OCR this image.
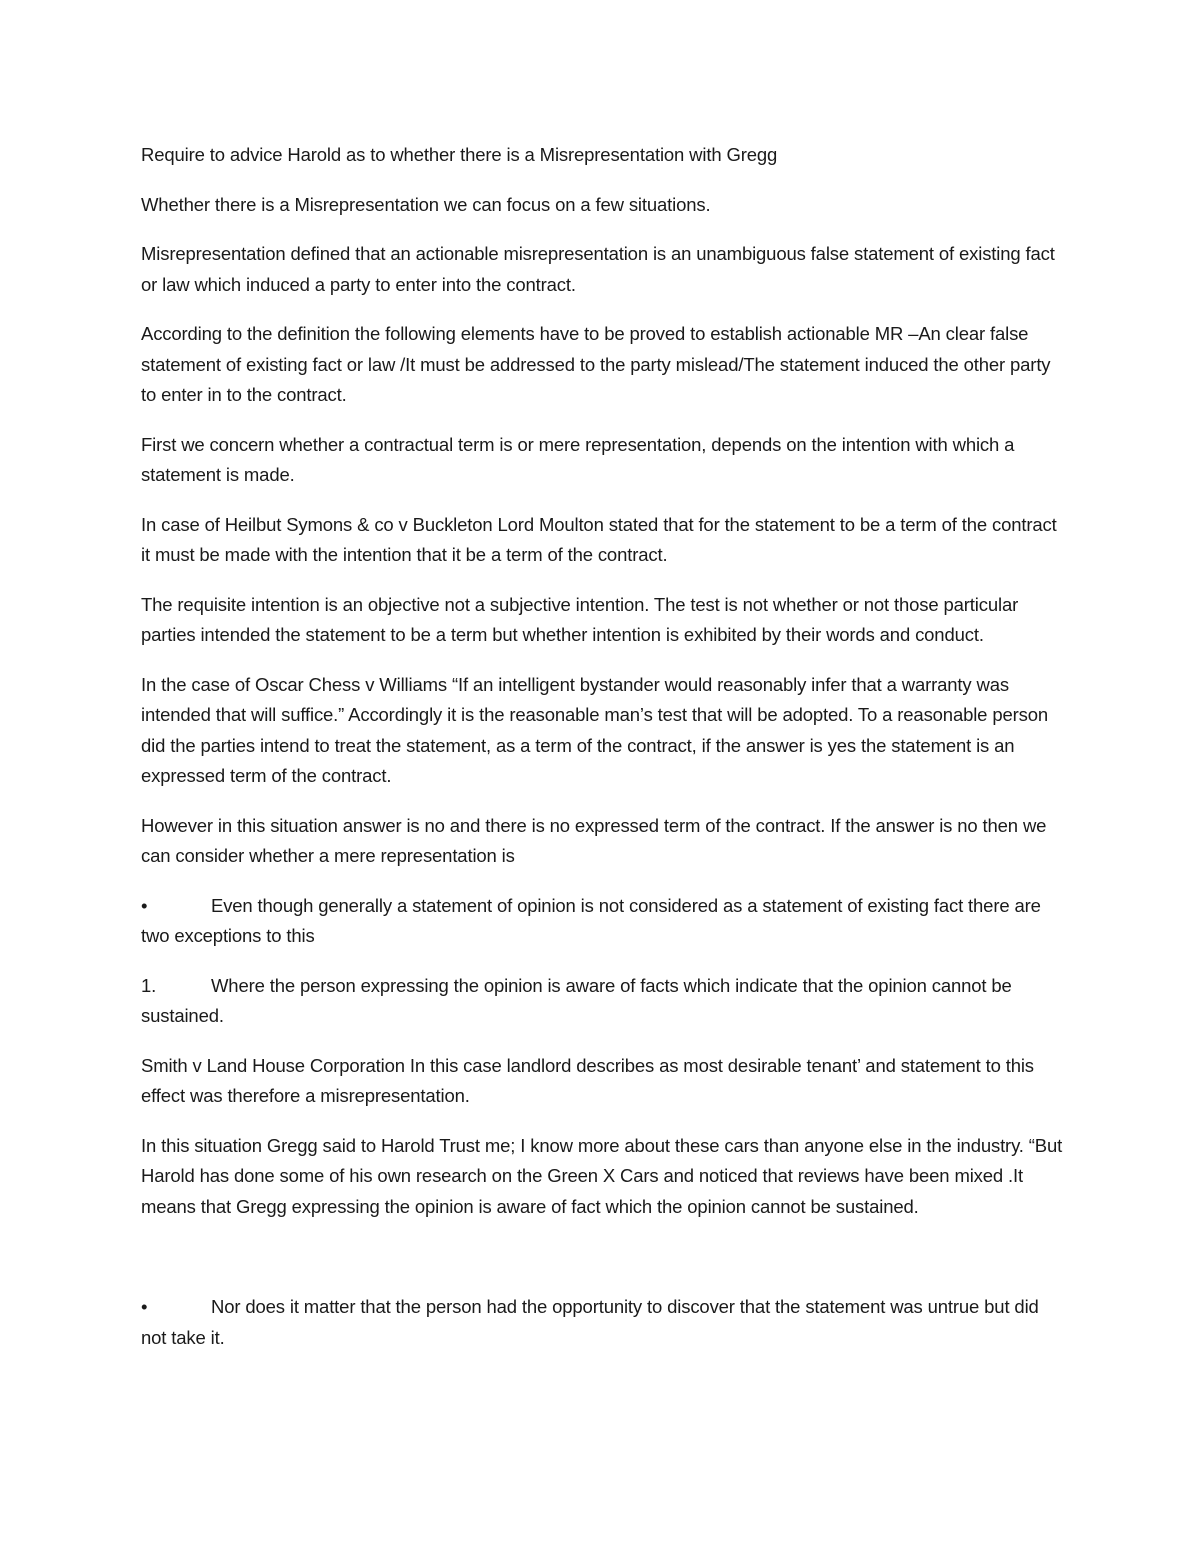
Require to advice Harold as to whether there is a Misrepresentation with Gregg

Whether there is a Misrepresentation we can focus on a few situations.

Misrepresentation defined that an actionable misrepresentation is an unambiguous false statement of existing fact or law which induced a party to enter into the contract.

According to the definition the following elements have to be proved to establish actionable MR –An clear false statement of existing fact or law /It must be addressed to the party mislead/The statement induced the other party to enter in to the contract.

First we concern whether a contractual term is or mere representation, depends on the intention with which a statement is made.

In case of Heilbut Symons & co v Buckleton Lord Moulton stated that for the statement to be a term of the contract it must be made with the intention that it be a term of the contract.

The requisite intention is an objective not a subjective intention. The test is not whether or not those particular parties intended the statement to be a term but whether intention is exhibited by their words and conduct.

In the case of Oscar Chess v Williams “If an intelligent bystander would reasonably infer that a warranty was intended that will suffice.” Accordingly it is the reasonable man’s test that will be adopted. To a reasonable person did the parties intend to treat the statement, as a term of the contract, if the answer is yes the statement is an expressed term of the contract.

However in this situation answer is no and there is no expressed term of the contract. If the answer is no then we can consider whether a mere representation is

•	Even though generally a statement of opinion is not considered as a statement of existing fact there are two exceptions to this

1.	Where the person expressing the opinion is aware of facts which indicate that the opinion cannot be sustained.

Smith v Land House Corporation In this case landlord describes as most desirable tenant’ and statement to this effect was therefore a misrepresentation.

In this situation Gregg said to Harold Trust me; I know more about these cars than anyone else in the industry. “But Harold has done some of his own research on the Green X Cars and noticed that reviews have been mixed .It means that Gregg expressing the opinion is aware of fact which the opinion cannot be sustained.

•	Nor does it matter that the person had the opportunity to discover that the statement was untrue but did not take it.
